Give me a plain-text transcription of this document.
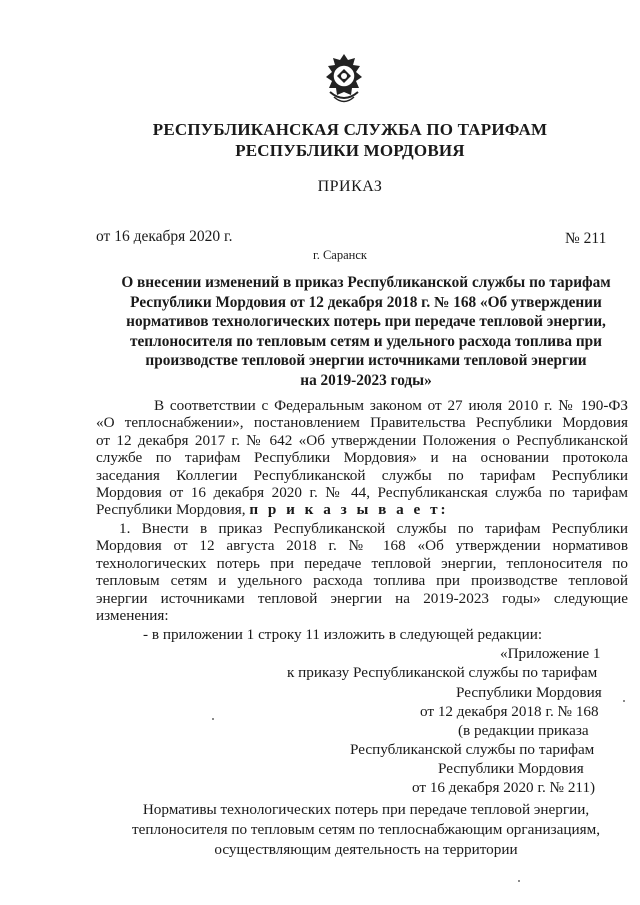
РЕСПУБЛИКАНСКАЯ СЛУЖБА ПО ТАРИФАМ
РЕСПУБЛИКИ МОРДОВИЯ
ПРИКАЗ
от 16 декабря 2020 г.	№ 211
г. Саранск
О внесении изменений в приказ Республиканской службы по тарифам
Республики Мордовия от 12 декабря 2018 г. № 168 «Об утверждении
нормативов технологических потерь при передаче тепловой энергии,
теплоносителя по тепловым сетям и удельного расхода топлива при
производстве тепловой энергии источниками тепловой энергии
на 2019-2023 годы»
В соответствии с Федеральным законом от 27 июля 2010 г. № 190-ФЗ
«О теплоснабжении», постановлением Правительства Республики Мордовия
от 12 декабря 2017 г. № 642 «Об утверждении Положения о Республиканской
службе по тарифам Республики Мордовия» и на основании протокола
заседания Коллегии Республиканской службы по тарифам Республики
Мордовия от 16 декабря 2020 г. № 44, Республиканская служба по тарифам
Республики Мордовия, п р и к а з ы в а е т:
1. Внести в приказ Республиканской службы по тарифам Республики
Мордовия от 12 августа 2018 г. № 168 «Об утверждении нормативов
технологических потерь при передаче тепловой энергии, теплоносителя по
тепловым сетям и удельного расхода топлива при производстве тепловой
энергии источниками тепловой энергии на 2019-2023 годы» следующие
изменения:
- в приложении 1 строку 11 изложить в следующей редакции:
«Приложение 1
к приказу Республиканской службы по тарифам
Республики Мордовия
от 12 декабря 2018 г. № 168
(в редакции приказа
Республиканской службы по тарифам
Республики Мордовия
от 16 декабря 2020 г. № 211)
Нормативы технологических потерь при передаче тепловой энергии,
теплоносителя по тепловым сетям по теплоснабжающим организациям,
осуществляющим деятельность на территории
